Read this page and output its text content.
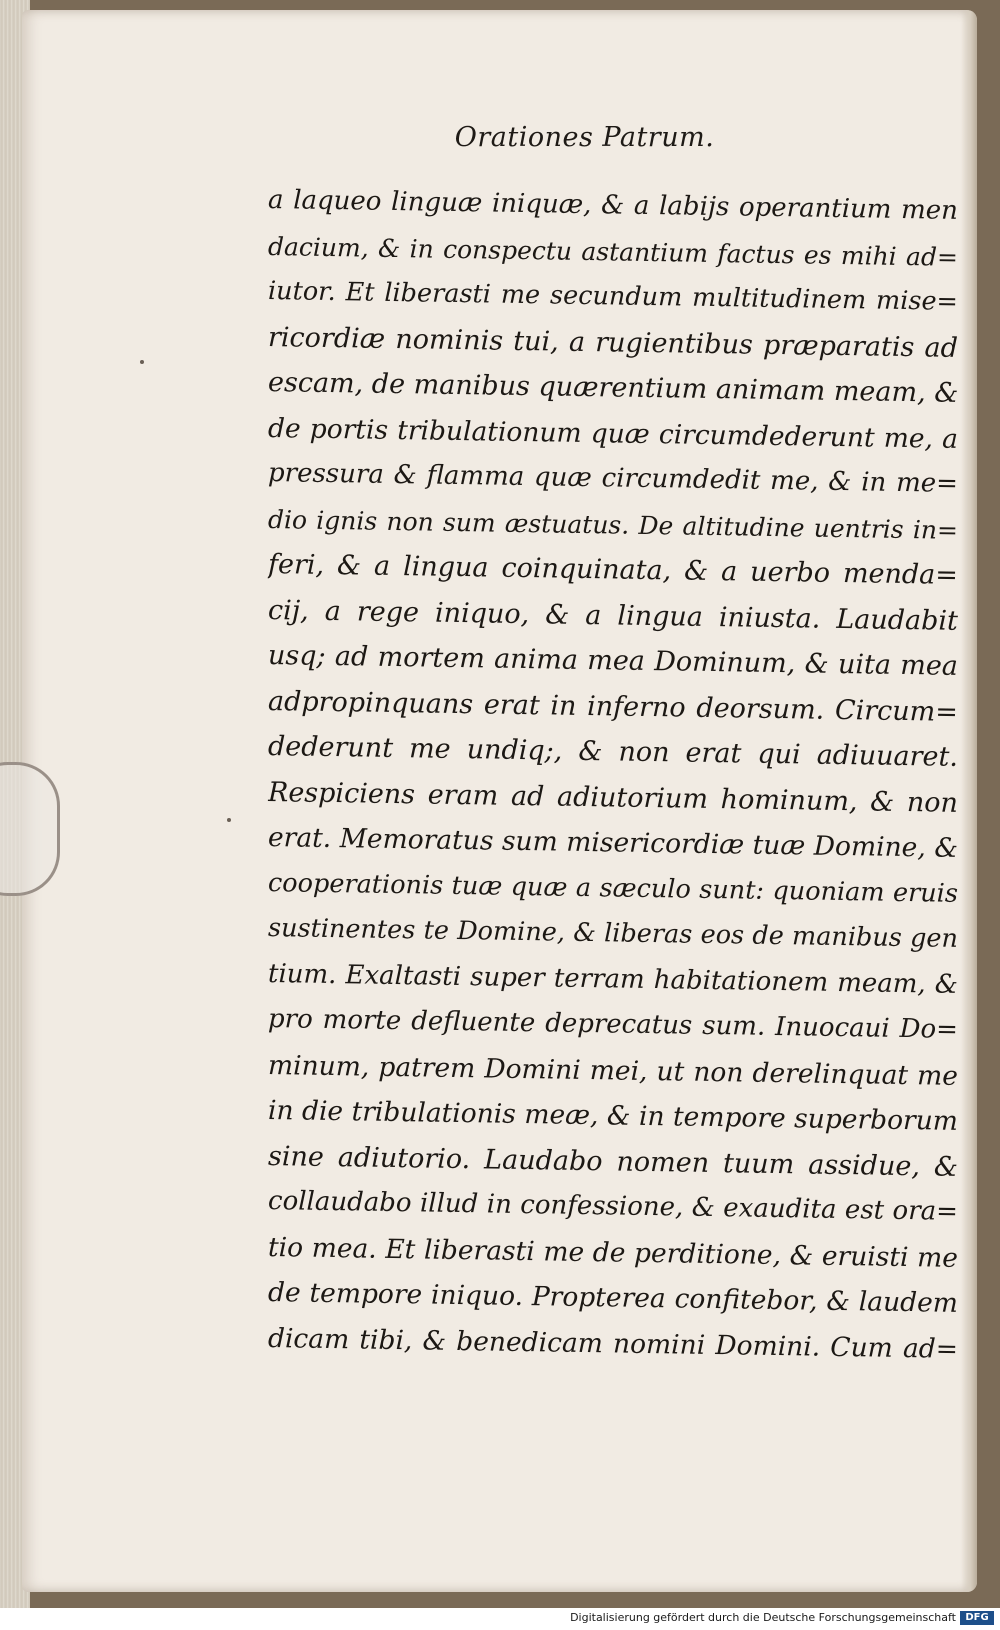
Orationes Patrum.
a laqueo linguæ iniquæ, & a labijs operantium men
dacium, & in conspectu astantium factus es mihi ad=
iutor. Et liberasti me secundum multitudinem mise=
ricordiæ nominis tui, a rugientibus præparatis ad
escam, de manibus quærentium animam meam, &
de portis tribulationum quæ circumdederunt me, a
pressura & flamma quæ circumdedit me, & in me=
dio ignis non sum æstuatus. De altitudine uentris in=
feri, & a lingua coinquinata, & a uerbo menda=
cij, a rege iniquo, & a lingua iniusta. Laudabit
usq; ad mortem anima mea Dominum, & uita mea
adpropinquans erat in inferno deorsum. Circum=
dederunt me undiq;, & non erat qui adiuuaret.
Respiciens eram ad adiutorium hominum, & non
erat. Memoratus sum misericordiæ tuæ Domine, &
cooperationis tuæ quæ a sæculo sunt: quoniam eruis
sustinentes te Domine, & liberas eos de manibus gen
tium. Exaltasti super terram habitationem meam, &
pro morte defluente deprecatus sum. Inuocaui Do=
minum, patrem Domini mei, ut non derelinquat me
in die tribulationis meæ, & in tempore superborum
sine adiutorio. Laudabo nomen tuum assidue, &
collaudabo illud in confessione, & exaudita est ora=
tio mea. Et liberasti me de perditione, & eruisti me
de tempore iniquo. Propterea confitebor, & laudem
dicam tibi, & benedicam nomini Domini. Cum ad=
Digitalisierung gefördert durch die Deutsche Forschungsgemeinschaft DFG
